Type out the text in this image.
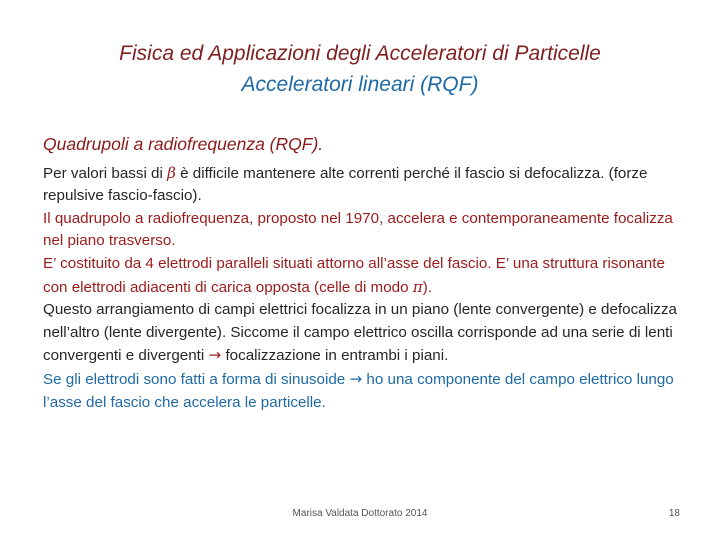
Fisica ed Applicazioni degli Acceleratori di Particelle
Acceleratori lineari (RQF)
Quadrupoli a radiofrequenza (RQF).

Per valori bassi di β è difficile mantenere alte correnti perché il fascio si defocalizza. (forze repulsive fascio-fascio).

Il quadrupolo a radiofrequenza, proposto nel 1970, accelera e contemporaneamente focalizza nel piano trasverso.

E’ costituito da 4 elettrodi paralleli situati attorno all’asse del fascio. E’ una struttura risonante con elettrodi adiacenti di carica opposta (celle di modo π).

Questo arrangiamento di campi elettrici focalizza in un piano (lente convergente) e defocalizza nell’altro (lente divergente). Siccome il campo elettrico oscilla corrisponde ad una serie di lenti convergenti e divergenti → focalizzazione in entrambi i piani.

Se gli elettrodi sono fatti a forma di sinusoide → ho una componente del campo elettrico lungo l’asse del fascio che accelera le particelle.

Marisa Valdata Dottorato 2014	18
